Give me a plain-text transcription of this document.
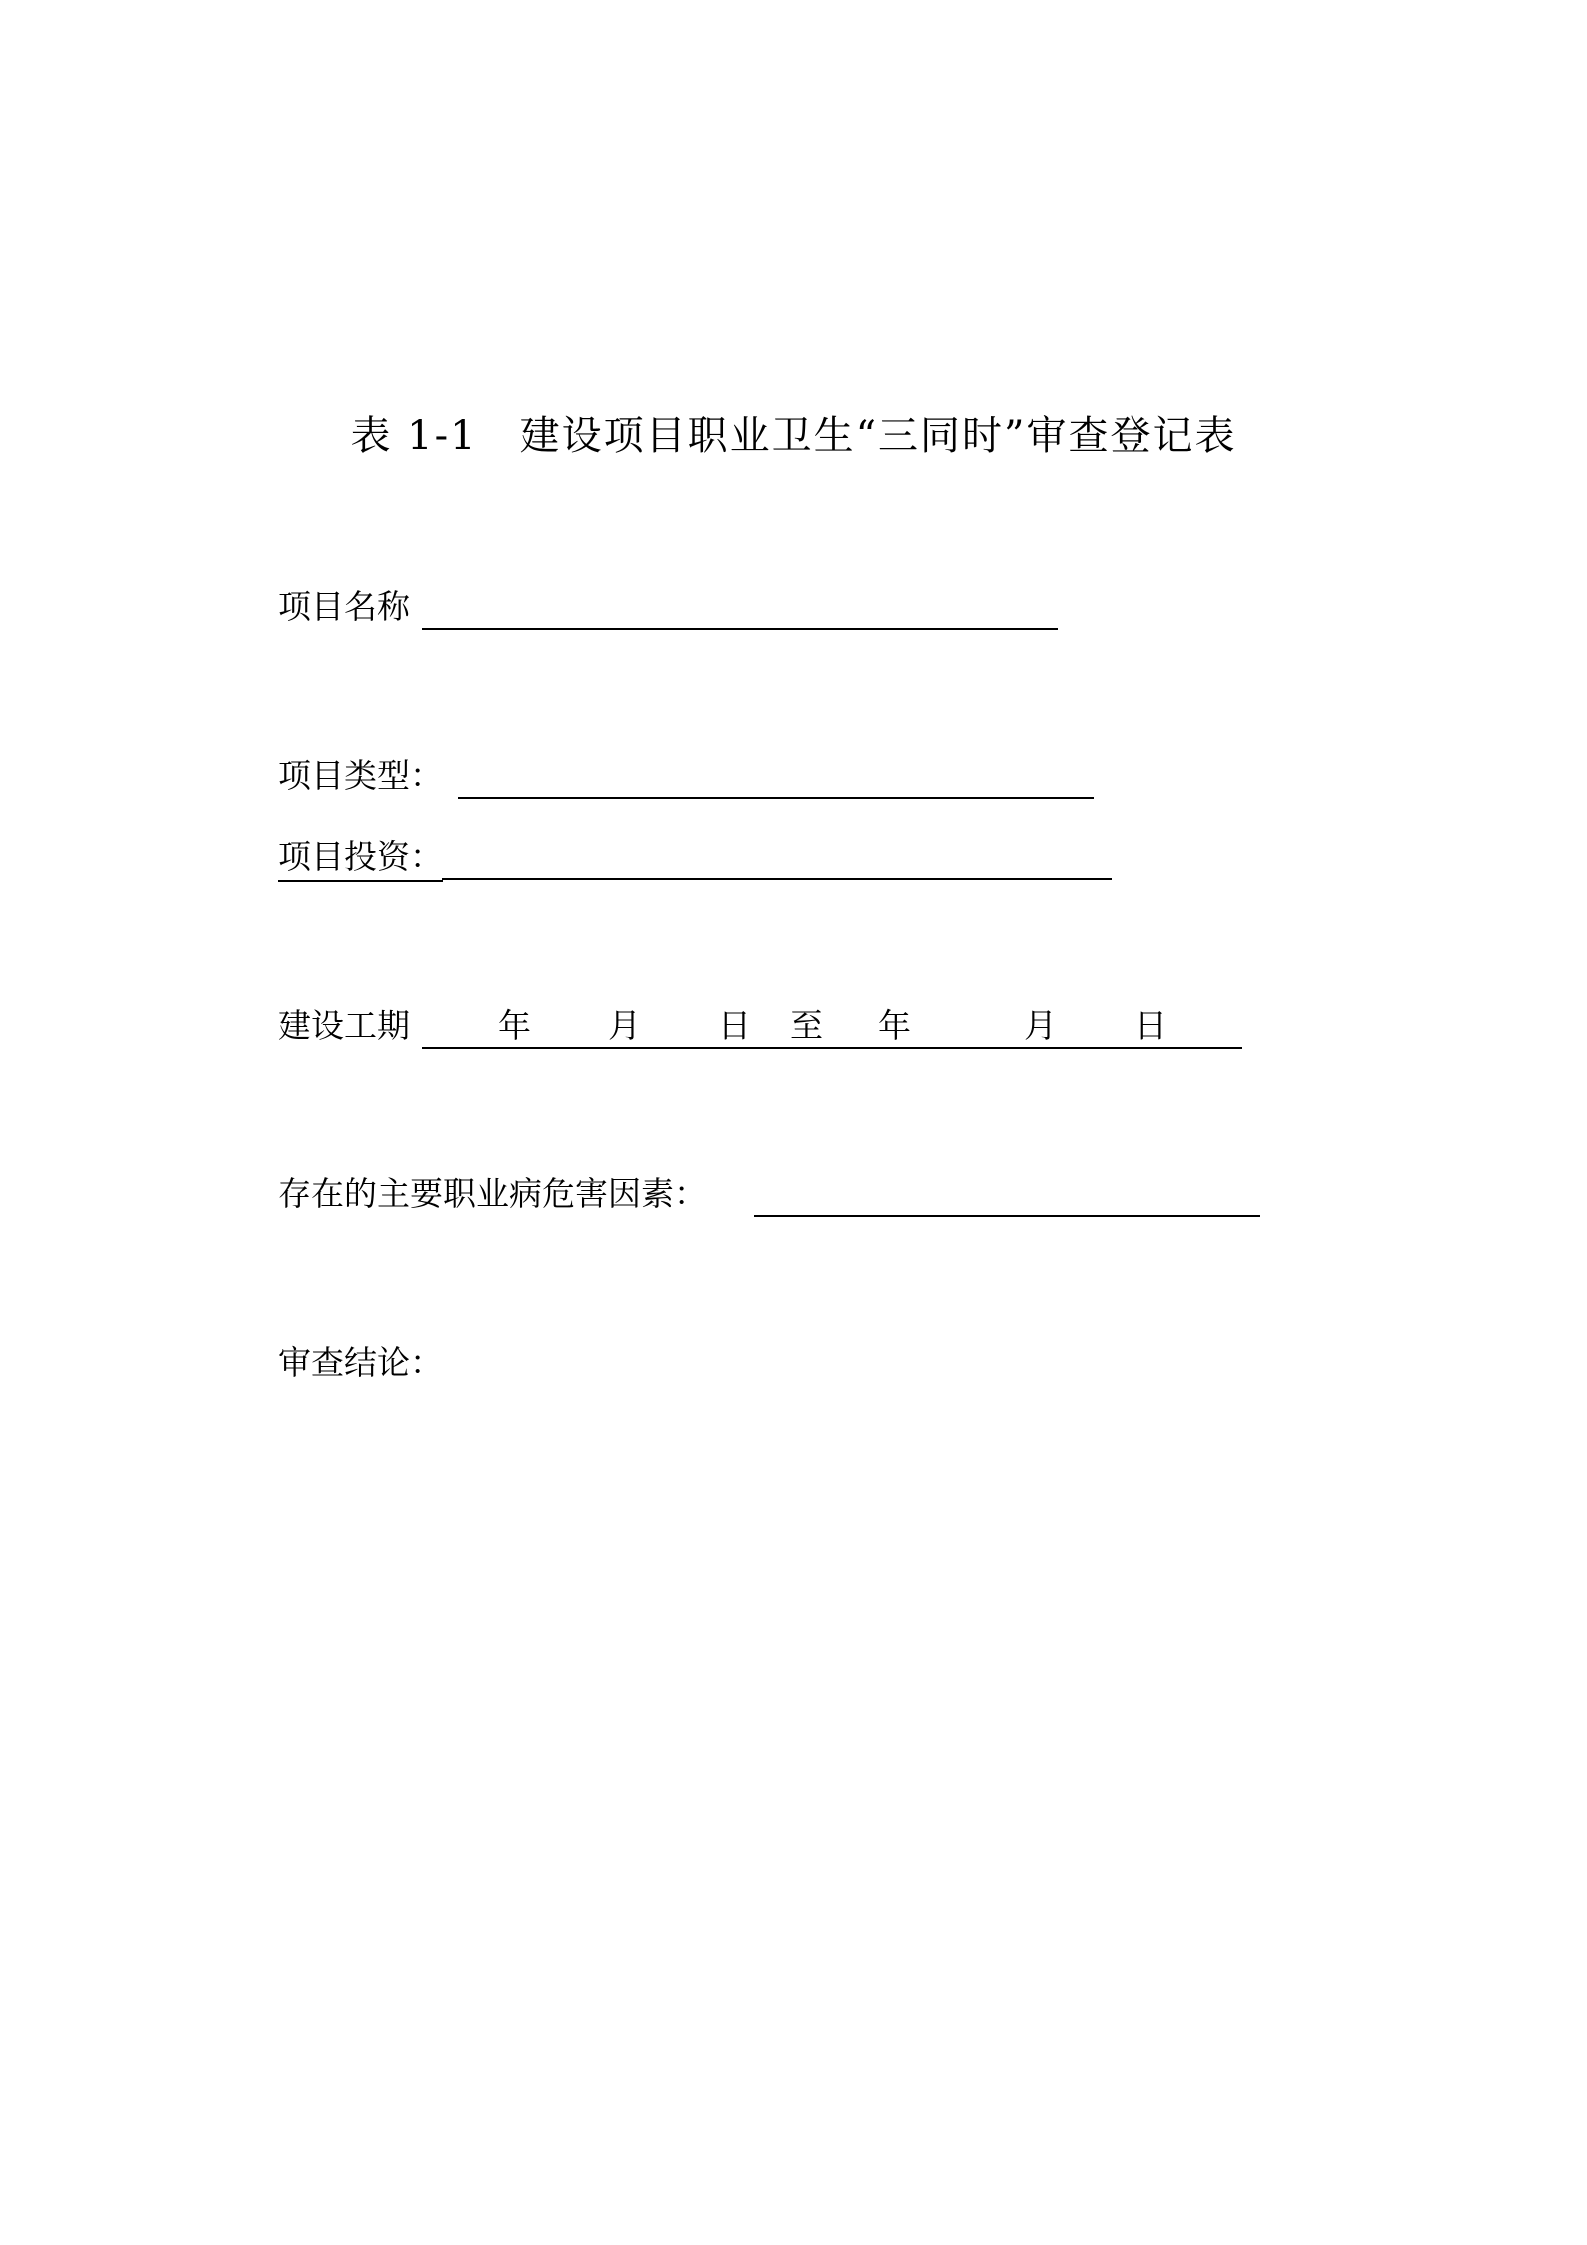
表 1-1 建设项目职业卫生“三同时”审查登记表
项目名称
项目类型：
项目投资：
建设工期	年 月 日 至 年	月 日
存在的主要职业病危害因素：
审查结论：
